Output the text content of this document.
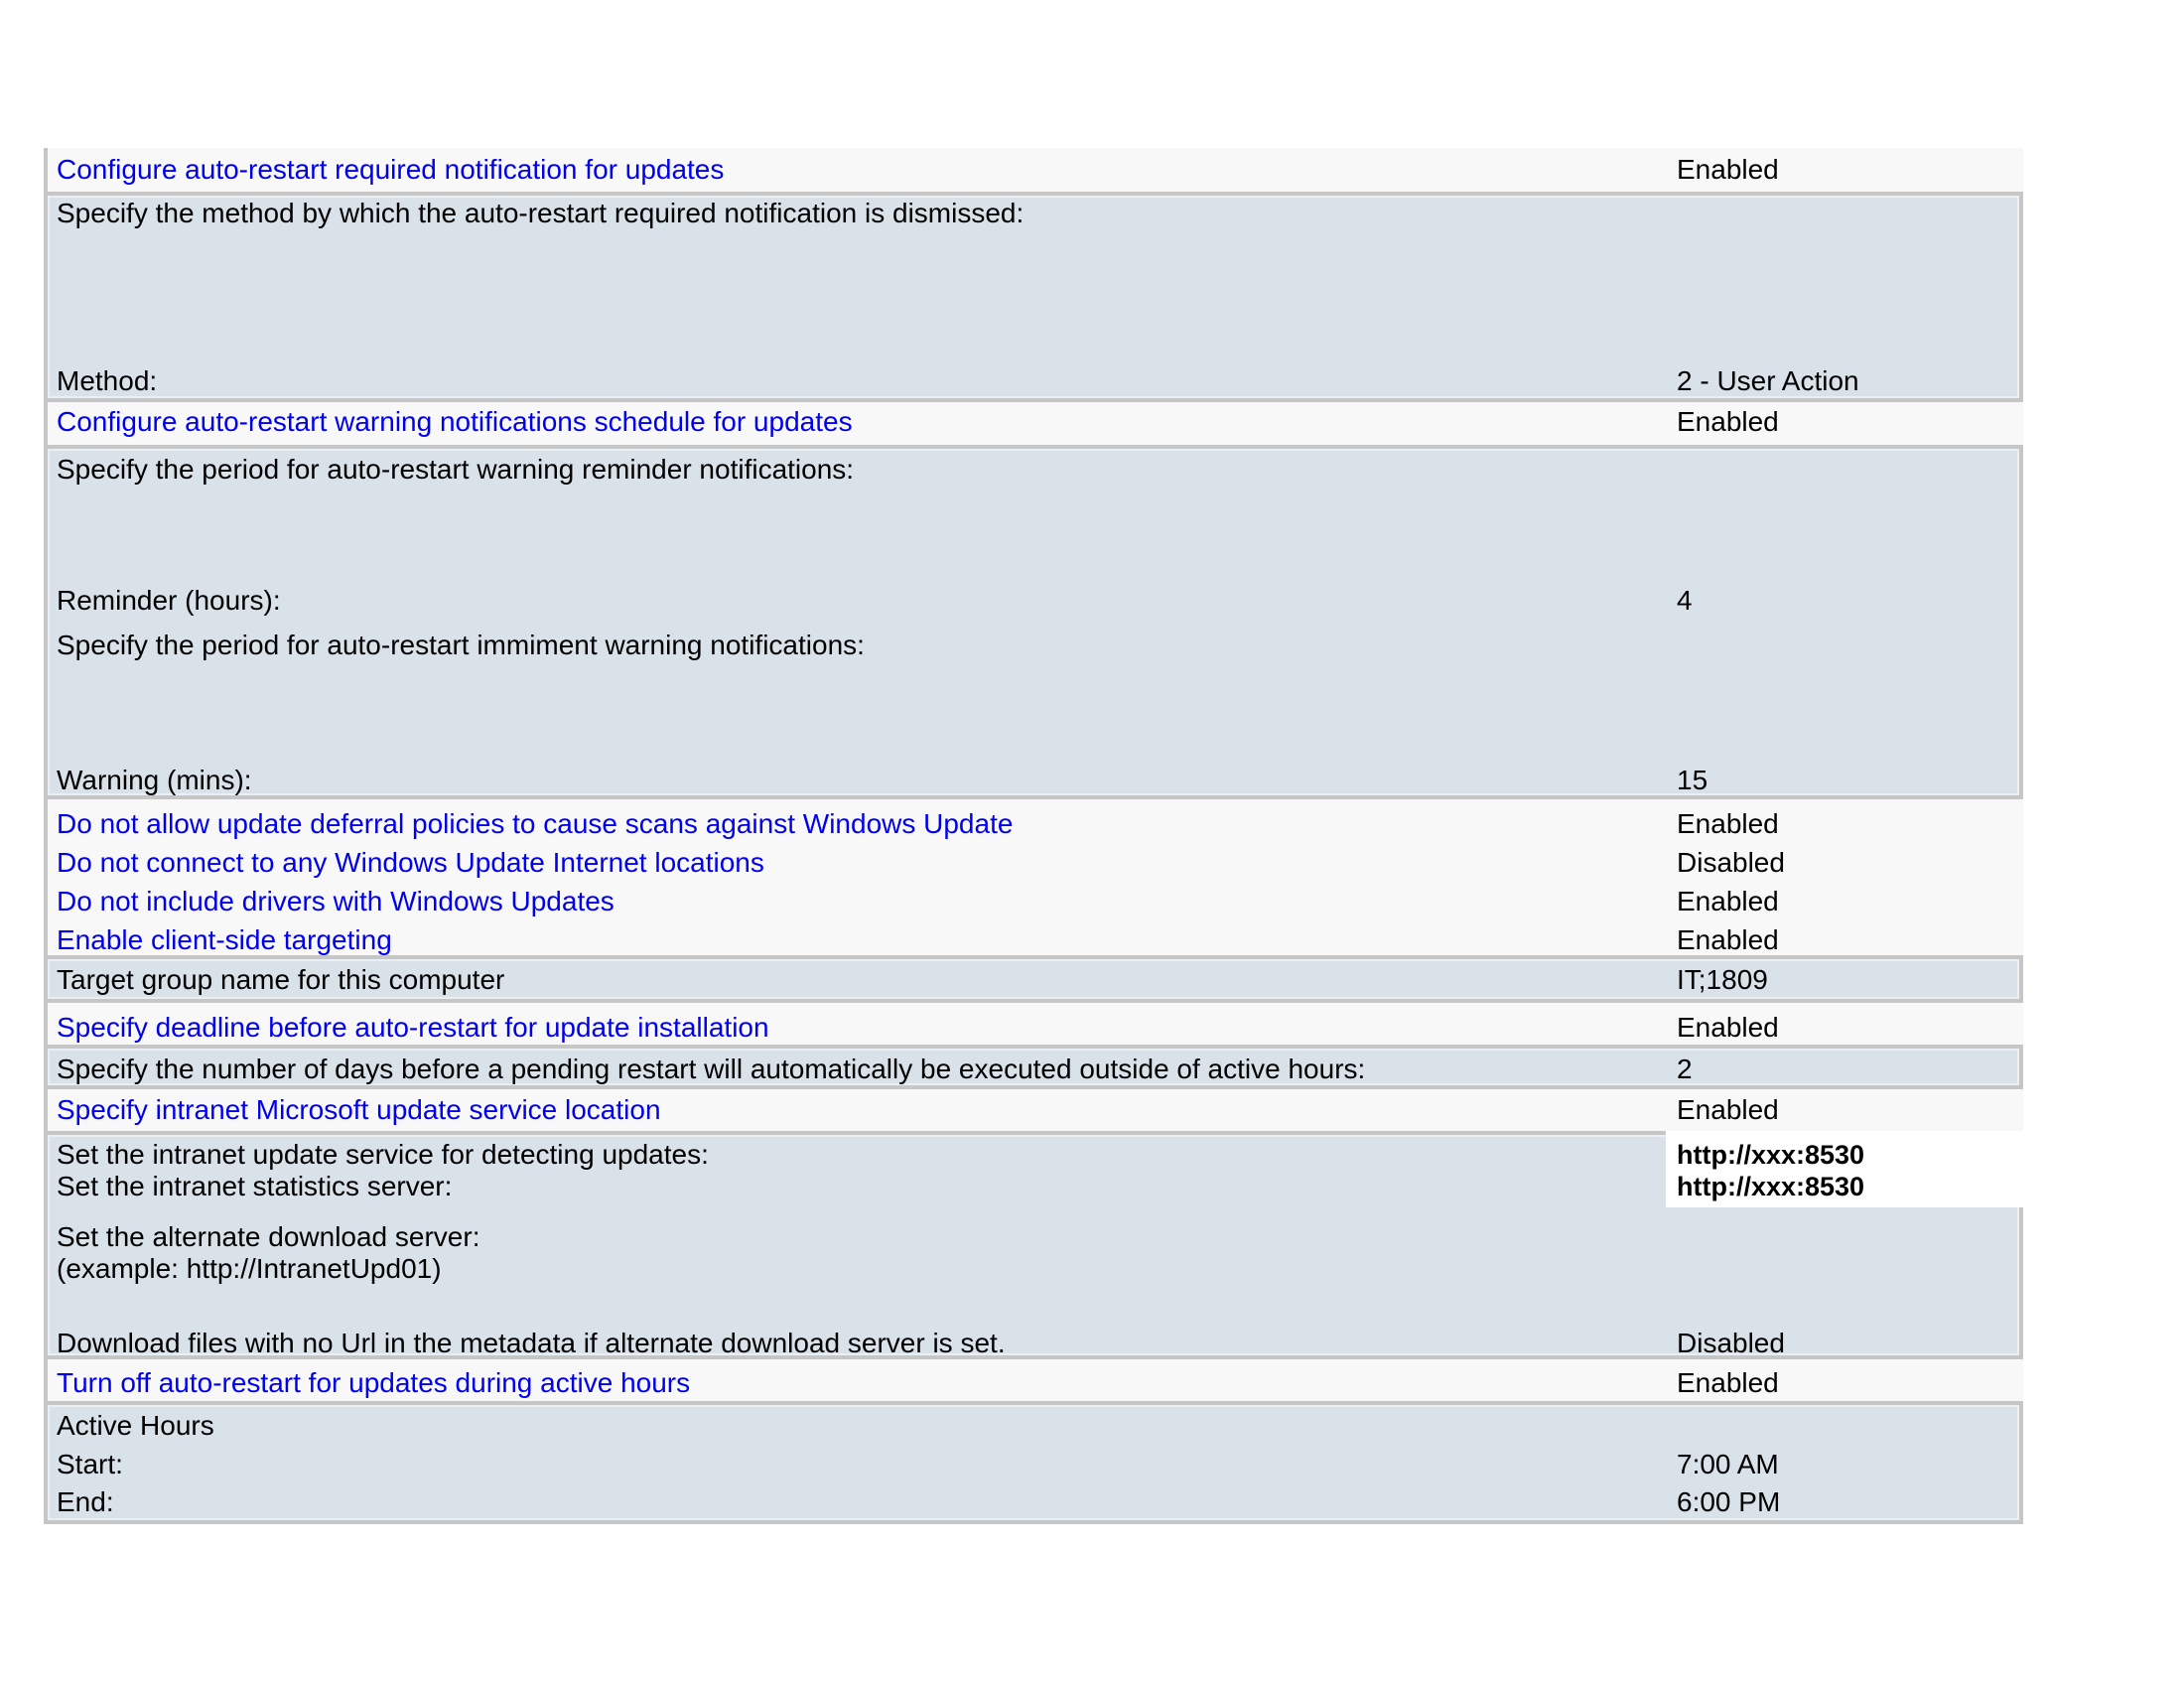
Configure auto-restart required notification for updates	Enabled
Specify the method by which the auto-restart required notification is dismissed:
Method:	2 - User Action
Configure auto-restart warning notifications schedule for updates	Enabled
Specify the period for auto-restart warning reminder notifications:
Reminder (hours):	4
Specify the period for auto-restart immiment warning notifications:
Warning (mins):	15
Do not allow update deferral policies to cause scans against Windows Update	Enabled
Do not connect to any Windows Update Internet locations	Disabled
Do not include drivers with Windows Updates	Enabled
Enable client-side targeting	Enabled
Target group name for this computer	IT;1809
Specify deadline before auto-restart for update installation	Enabled
Specify the number of days before a pending restart will automatically be executed outside of active hours:	2
Specify intranet Microsoft update service location	Enabled
Set the intranet update service for detecting updates:	http://xxx:8530
Set the intranet statistics server:	http://xxx:8530
Set the alternate download server:
(example: http://IntranetUpd01)
Download files with no Url in the metadata if alternate download server is set.	Disabled
Turn off auto-restart for updates during active hours	Enabled
Active Hours
Start:	7:00 AM
End:	6:00 PM
